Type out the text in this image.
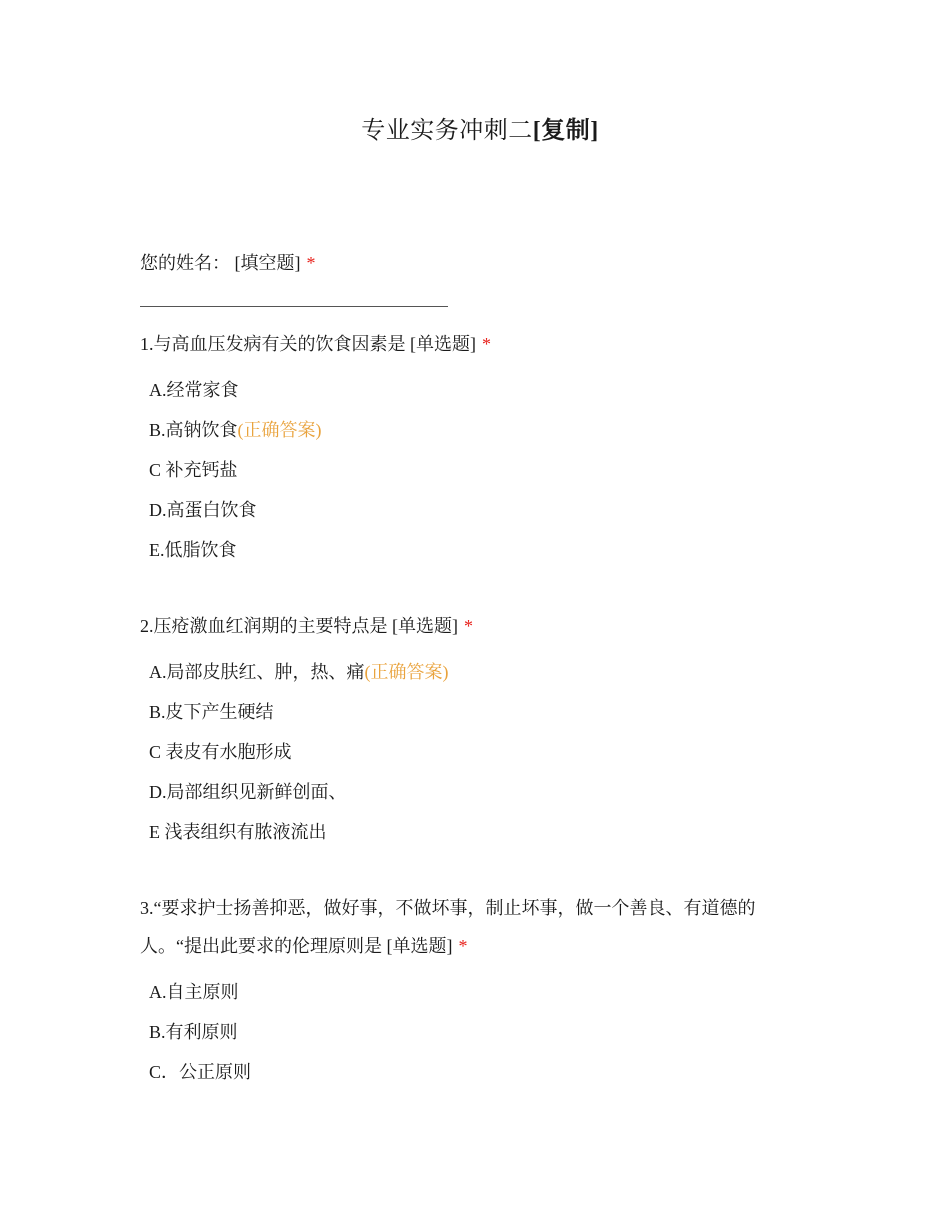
专业实务冲刺二[复制]
您的姓名： [填空题] *
1.与高血压发病有关的饮食因素是 [单选题] *
A.经常家食
B.高钠饮食(正确答案)
C 补充钙盐
D.高蛋白饮食
E.低脂饮食
2.压疮激血红润期的主要特点是 [单选题] *
A.局部皮肤红、肿，热、痛(正确答案)
B.皮下产生硬结
C 表皮有水胞形成
D.局部组织见新鲜创面、
E 浅表组织有脓液流出
3.“要求护士扬善抑恶，做好事，不做坏事，制止坏事，做一个善良、有道德的人。“提出此要求的伦理原则是 [单选题] *
A.自主原则
B.有利原则
C．公正原则
